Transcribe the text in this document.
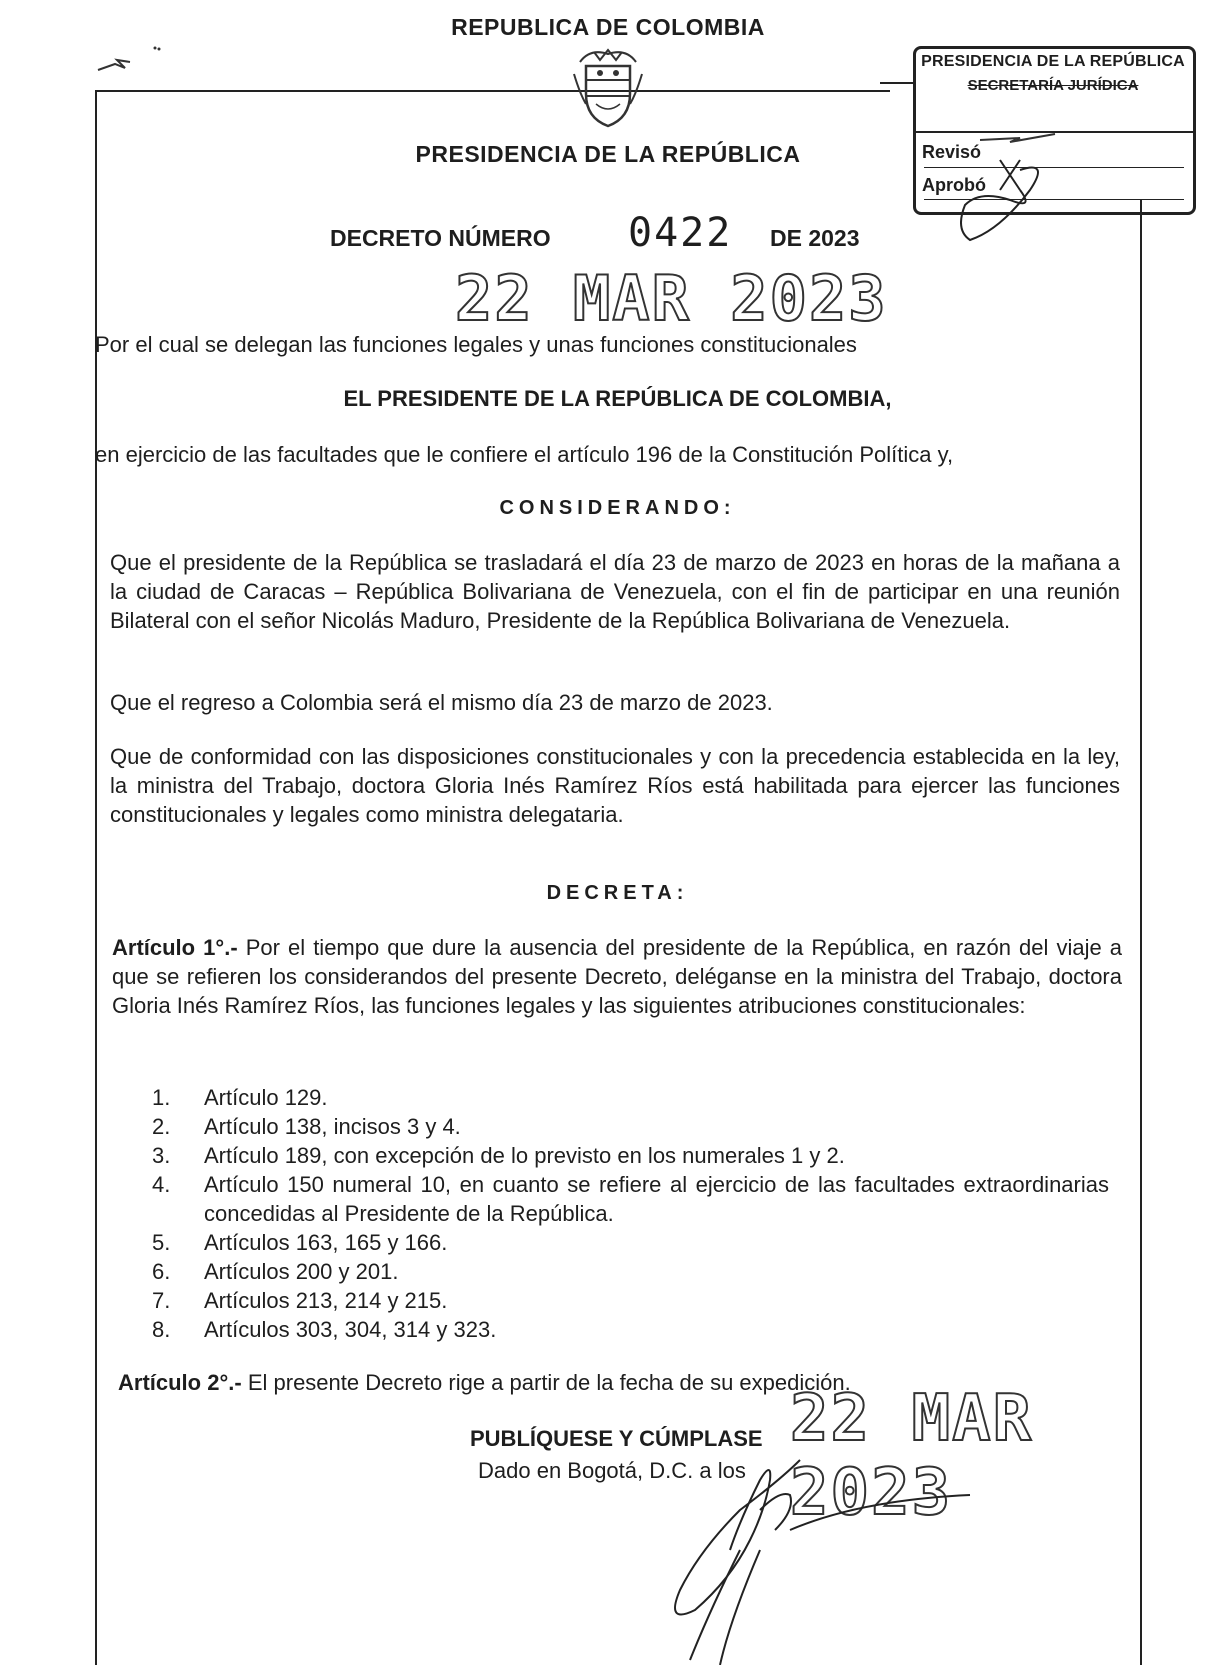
REPUBLICA DE COLOMBIA
PRESIDENCIA DE LA REPÚBLICA
PRESIDENCIA DE LA REPÚBLICA
SECRETARÍA JURÍDICA
Revisó
Aprobó
DECRETO NÚMERO 0422 DE 2023
22 MAR 2023
Por el cual se delegan las funciones legales y unas funciones constitucionales
EL PRESIDENTE DE LA REPÚBLICA DE COLOMBIA,
en ejercicio de las facultades que le confiere el artículo 196 de la Constitución Política y,
CONSIDERANDO:
Que el presidente de la República se trasladará el día 23 de marzo de 2023 en horas de la mañana a la ciudad de Caracas – República Bolivariana de Venezuela, con el fin de participar en una reunión Bilateral con el señor Nicolás Maduro, Presidente de la República Bolivariana de Venezuela.
Que el regreso a Colombia será el mismo día 23 de marzo de 2023.
Que de conformidad con las disposiciones constitucionales y con la precedencia establecida en la ley, la ministra del Trabajo, doctora Gloria Inés Ramírez Ríos está habilitada para ejercer las funciones constitucionales y legales como ministra delegataria.
DECRETA:
Artículo 1°.- Por el tiempo que dure la ausencia del presidente de la República, en razón del viaje a que se refieren los considerandos del presente Decreto, deléganse en la ministra del Trabajo, doctora Gloria Inés Ramírez Ríos, las funciones legales y las siguientes atribuciones constitucionales:
1.	Artículo 129.
2.	Artículo 138, incisos 3 y 4.
3.	Artículo 189, con excepción de lo previsto en los numerales 1 y 2.
4.	Artículo 150 numeral 10, en cuanto se refiere al ejercicio de las facultades extraordinarias concedidas al Presidente de la República.
5.	Artículos 163, 165 y 166.
6.	Artículos 200 y 201.
7.	Artículos 213, 214 y 215.
8.	Artículos 303, 304, 314 y 323.
Artículo 2°.- El presente Decreto rige a partir de la fecha de su expedición.
PUBLÍQUESE Y CÚMPLASE
Dado en Bogotá, D.C. a los
22 MAR 2023
